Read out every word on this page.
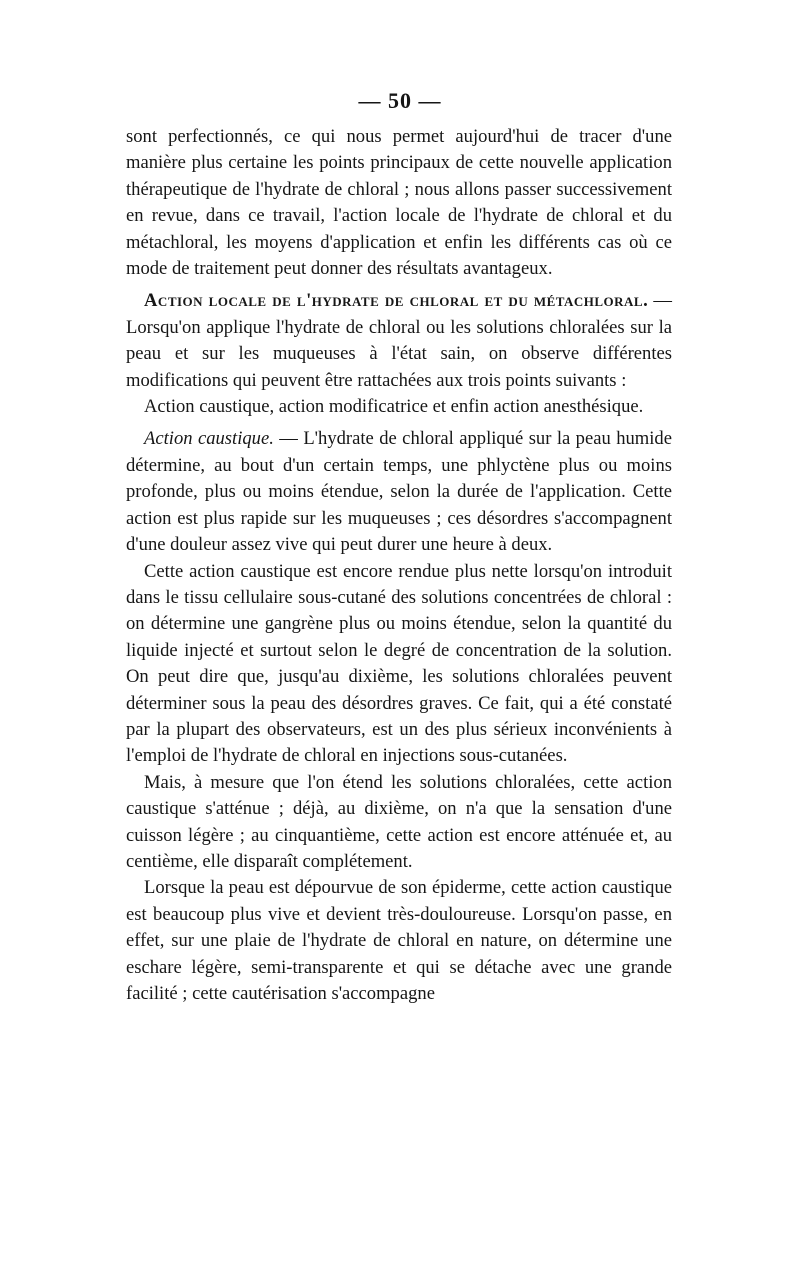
— 50 —

sont perfectionnés, ce qui nous permet aujourd'hui de tracer d'une manière plus certaine les points principaux de cette nouvelle application thérapeutique de l'hydrate de chloral ; nous allons passer successivement en revue, dans ce travail, l'action locale de l'hydrate de chloral et du métachloral, les moyens d'application et enfin les différents cas où ce mode de traitement peut donner des résultats avantageux.

Action locale de l'hydrate de chloral et du métachloral. — Lorsqu'on applique l'hydrate de chloral ou les solutions chloralées sur la peau et sur les muqueuses à l'état sain, on observe différentes modifications qui peuvent être rattachées aux trois points suivants :

Action caustique, action modificatrice et enfin action anesthésique.

Action caustique. — L'hydrate de chloral appliqué sur la peau humide détermine, au bout d'un certain temps, une phlyctène plus ou moins profonde, plus ou moins étendue, selon la durée de l'application. Cette action est plus rapide sur les muqueuses ; ces désordres s'accompagnent d'une douleur assez vive qui peut durer une heure à deux.

Cette action caustique est encore rendue plus nette lorsqu'on introduit dans le tissu cellulaire sous-cutané des solutions concentrées de chloral : on détermine une gangrène plus ou moins étendue, selon la quantité du liquide injecté et surtout selon le degré de concentration de la solution. On peut dire que, jusqu'au dixième, les solutions chloralées peuvent déterminer sous la peau des désordres graves. Ce fait, qui a été constaté par la plupart des observateurs, est un des plus sérieux inconvénients à l'emploi de l'hydrate de chloral en injections sous-cutanées.

Mais, à mesure que l'on étend les solutions chloralées, cette action caustique s'atténue ; déjà, au dixième, on n'a que la sensation d'une cuisson légère ; au cinquantième, cette action est encore atténuée et, au centième, elle disparaît complétement.

Lorsque la peau est dépourvue de son épiderme, cette action caustique est beaucoup plus vive et devient très-douloureuse. Lorsqu'on passe, en effet, sur une plaie de l'hydrate de chloral en nature, on détermine une eschare légère, semi-transparente et qui se détache avec une grande facilité ; cette cautérisation s'accompagne
